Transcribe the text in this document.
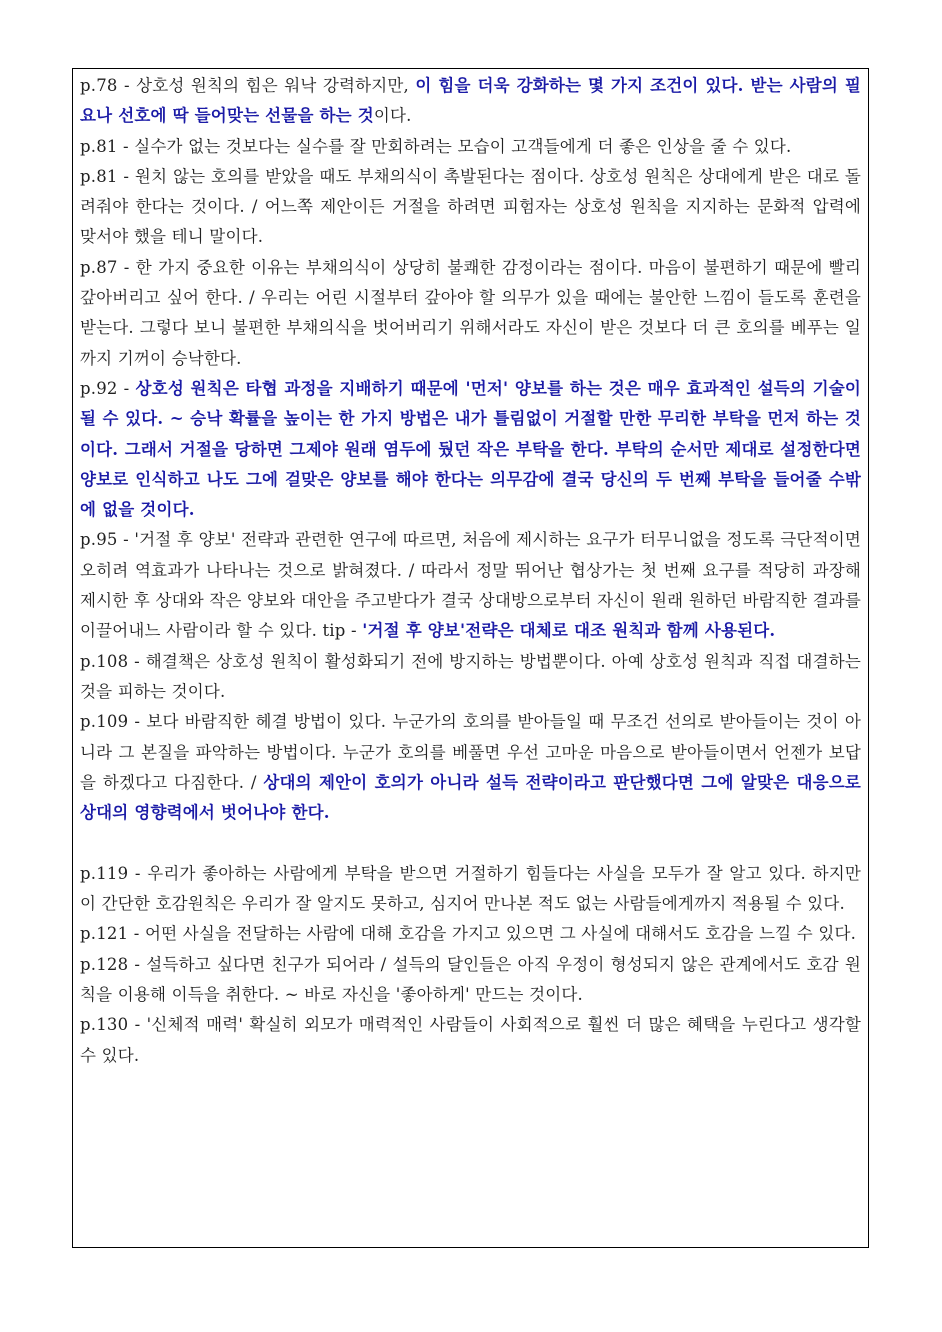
p.78 - 상호성 원칙의 힘은 워낙 강력하지만, 이 힘을 더욱 강화하는 몇 가지 조건이 있다. 받는 사람의 필요나 선호에 딱 들어맞는 선물을 하는 것이다.
p.81 - 실수가 없는 것보다는 실수를 잘 만회하려는 모습이 고객들에게 더 좋은 인상을 줄 수 있다.
p.81 - 원치 않는 호의를 받았을 때도 부채의식이 촉발된다는 점이다. 상호성 원칙은 상대에게 받은 대로 돌려줘야 한다는 것이다. / 어느쪽 제안이든 거절을 하려면 피험자는 상호성 원칙을 지지하는 문화적 압력에 맞서야 했을 테니 말이다.
p.87 - 한 가지 중요한 이유는 부채의식이 상당히 불쾌한 감정이라는 점이다. 마음이 불편하기 때문에 빨리 갚아버리고 싶어 한다. / 우리는 어린 시절부터 갚아야 할 의무가 있을 때에는 불안한 느낌이 들도록 훈련을 받는다. 그렇다 보니 불편한 부채의식을 벗어버리기 위해서라도 자신이 받은 것보다 더 큰 호의를 베푸는 일까지 기꺼이 승낙한다.
p.92 - 상호성 원칙은 타협 과정을 지배하기 때문에 '먼저' 양보를 하는 것은 매우 효과적인 설득의 기술이 될 수 있다. ~ 승낙 확률을 높이는 한 가지 방법은 내가 틀림없이 거절할 만한 무리한 부탁을 먼저 하는 것이다. 그래서 거절을 당하면 그제야 원래 염두에 뒀던 작은 부탁을 한다. 부탁의 순서만 제대로 설정한다면 양보로 인식하고 나도 그에 걸맞은 양보를 해야 한다는 의무감에 결국 당신의 두 번째 부탁을 들어줄 수밖에 없을 것이다.
p.95 - '거절 후 양보' 전략과 관련한 연구에 따르면, 처음에 제시하는 요구가 터무니없을 정도록 극단적이면 오히려 역효과가 나타나는 것으로 밝혀졌다. / 따라서 정말 뛰어난 협상가는 첫 번째 요구를 적당히 과장해 제시한 후 상대와 작은 양보와 대안을 주고받다가 결국 상대방으로부터 자신이 원래 원하던 바람직한 결과를 이끌어내느 사람이라 할 수 있다. tip - '거절 후 양보'전략은 대체로 대조 원칙과 함께 사용된다.
p.108 - 해결책은 상호성 원칙이 활성화되기 전에 방지하는 방법뿐이다. 아예 상호성 원칙과 직접 대결하는 것을 피하는 것이다.
p.109 - 보다 바람직한 헤결 방법이 있다. 누군가의 호의를 받아들일 때 무조건 선의로 받아들이는 것이 아니라 그 본질을 파악하는 방법이다. 누군가 호의를 베풀면 우선 고마운 마음으로 받아들이면서 언젠가 보답을 하겠다고 다짐한다. / 상대의 제안이 호의가 아니라 설득 전략이라고 판단했다면 그에 알맞은 대응으로 상대의 영향력에서 벗어나야 한다.
p.119 - 우리가 좋아하는 사람에게 부탁을 받으면 거절하기 힘들다는 사실을 모두가 잘 알고 있다. 하지만 이 간단한 호감원칙은 우리가 잘 알지도 못하고, 심지어 만나본 적도 없는 사람들에게까지 적용될 수 있다.
p.121 - 어떤 사실을 전달하는 사람에 대해 호감을 가지고 있으면 그 사실에 대해서도 호감을 느낄 수 있다.
p.128 - 설득하고 싶다면 친구가 되어라 / 설득의 달인들은 아직 우정이 형성되지 않은 관계에서도 호감 원칙을 이용해 이득을 취한다. ~ 바로 자신을 '좋아하게' 만드는 것이다.
p.130 - '신체적 매력' 확실히 외모가 매력적인 사람들이 사회적으로 훨씬 더 많은 혜택을 누린다고 생각할 수 있다.
